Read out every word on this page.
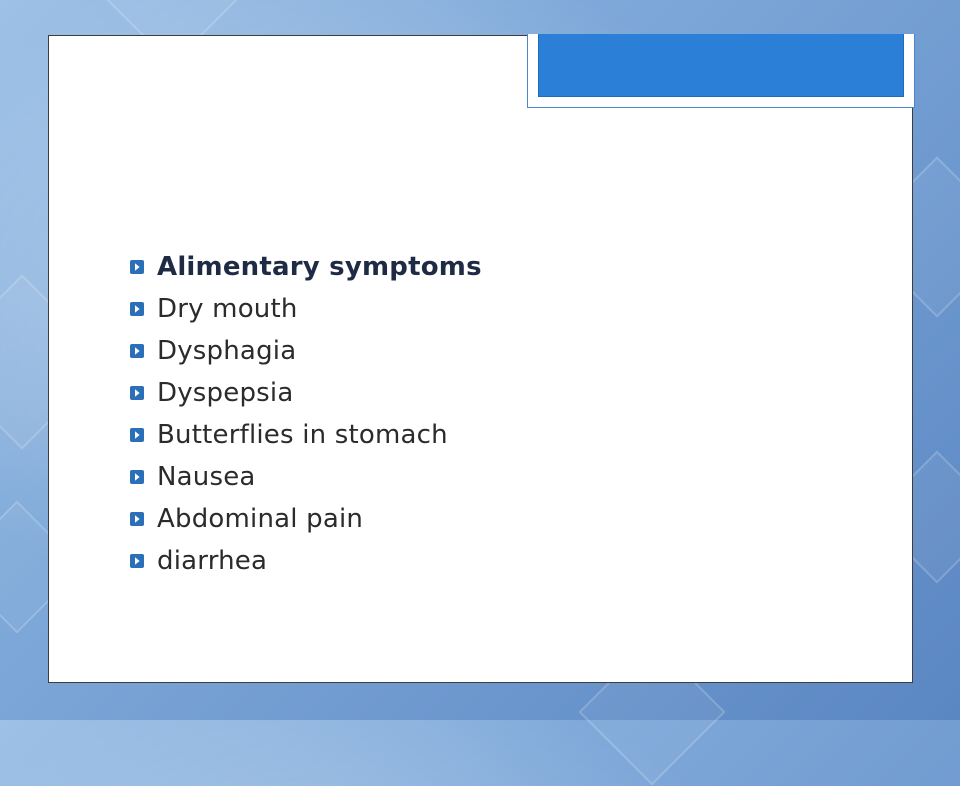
Alimentary symptoms
Dry mouth
Dysphagia
Dyspepsia
Butterflies in stomach
Nausea
Abdominal pain
diarrhea
